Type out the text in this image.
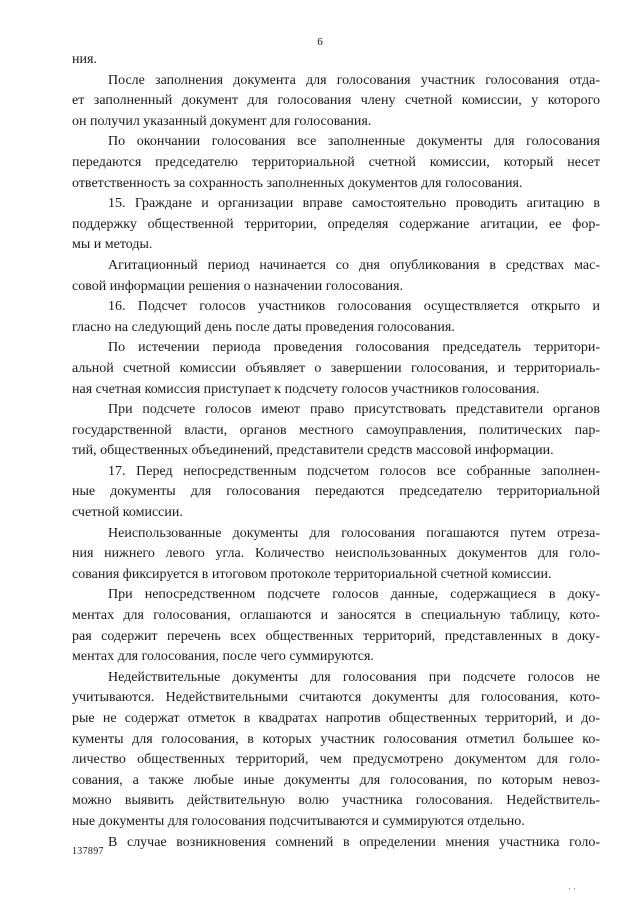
6
ния.
После заполнения документа для голосования участник голосования отда-
ет заполненный документ для голосования члену счетной комиссии, у которого
он получил указанный документ для голосования.
По окончании голосования все заполненные документы для голосования
передаются председателю территориальной счетной комиссии, который несет
ответственность за сохранность заполненных документов для голосования.
15. Граждане и организации вправе самостоятельно проводить агитацию в
поддержку общественной территории, определяя содержание агитации, ее фор-
мы и методы.
Агитационный период начинается со дня опубликования в средствах мас-
совой информации решения о назначении голосования.
16. Подсчет голосов участников голосования осуществляется открыто и
гласно на следующий день после даты проведения голосования.
По истечении периода проведения голосования председатель территори-
альной счетной комиссии объявляет о завершении голосования, и территориаль-
ная счетная комиссия приступает к подсчету голосов участников голосования.
При подсчете голосов имеют право присутствовать представители органов
государственной власти, органов местного самоуправления, политических пар-
тий, общественных объединений, представители средств массовой информации.
17. Перед непосредственным подсчетом голосов все собранные заполнен-
ные документы для голосования передаются председателю территориальной
счетной комиссии.
Неиспользованные документы для голосования погашаются путем отреза-
ния нижнего левого угла. Количество неиспользованных документов для голо-
сования фиксируется в итоговом протоколе территориальной счетной комиссии.
При непосредственном подсчете голосов данные, содержащиеся в доку-
ментах для голосования, оглашаются и заносятся в специальную таблицу, кото-
рая содержит перечень всех общественных территорий, представленных в доку-
ментах для голосования, после чего суммируются.
Недействительные документы для голосования при подсчете голосов не
учитываются. Недействительными считаются документы для голосования, кото-
рые не содержат отметок в квадратах напротив общественных территорий, и до-
кументы для голосования, в которых участник голосования отметил большее ко-
личество общественных территорий, чем предусмотрено документом для голо-
сования, а также любые иные документы для голосования, по которым невоз-
можно выявить действительную волю участника голосования. Недействитель-
ные документы для голосования подсчитываются и суммируются отдельно.
В случае возникновения сомнений в определении мнения участника голо-
137897
· ·
